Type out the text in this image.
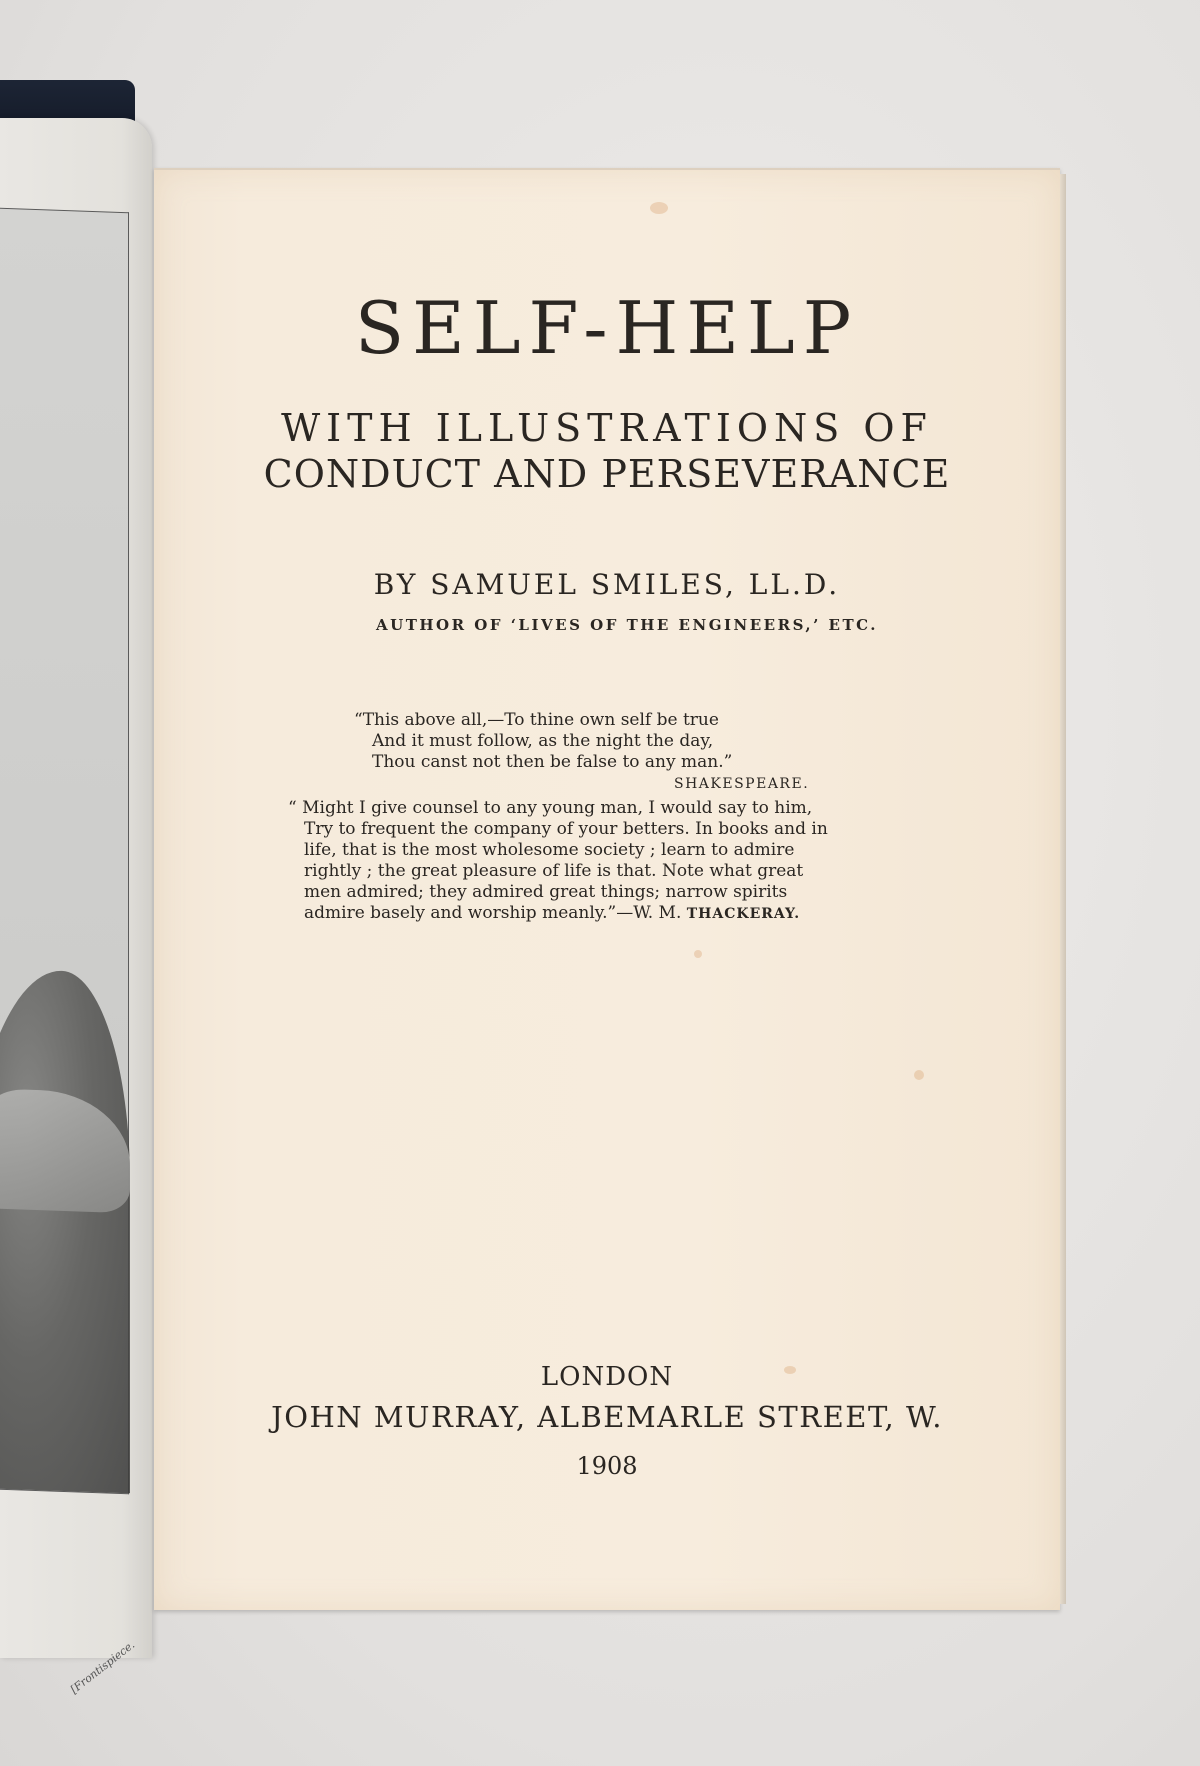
[Frontispiece.
SELF-HELP
WITH ILLUSTRATIONS OF
CONDUCT AND PERSEVERANCE
BY SAMUEL SMILES, LL.D.
AUTHOR OF ‘LIVES OF THE ENGINEERS,’ ETC.
“This above all,—To thine own self be true
And it must follow, as the night the day,
Thou canst not then be false to any man.”
SHAKESPEARE.
“ Might I give counsel to any young man, I would say to him,
Try to frequent the company of your betters. In books and in
life, that is the most wholesome society ; learn to admire
rightly ; the great pleasure of life is that. Note what great
men admired; they admired great things; narrow spirits
admire basely and worship meanly.”—W. M. THACKERAY.
LONDON
JOHN MURRAY, ALBEMARLE STREET, W.
1908
